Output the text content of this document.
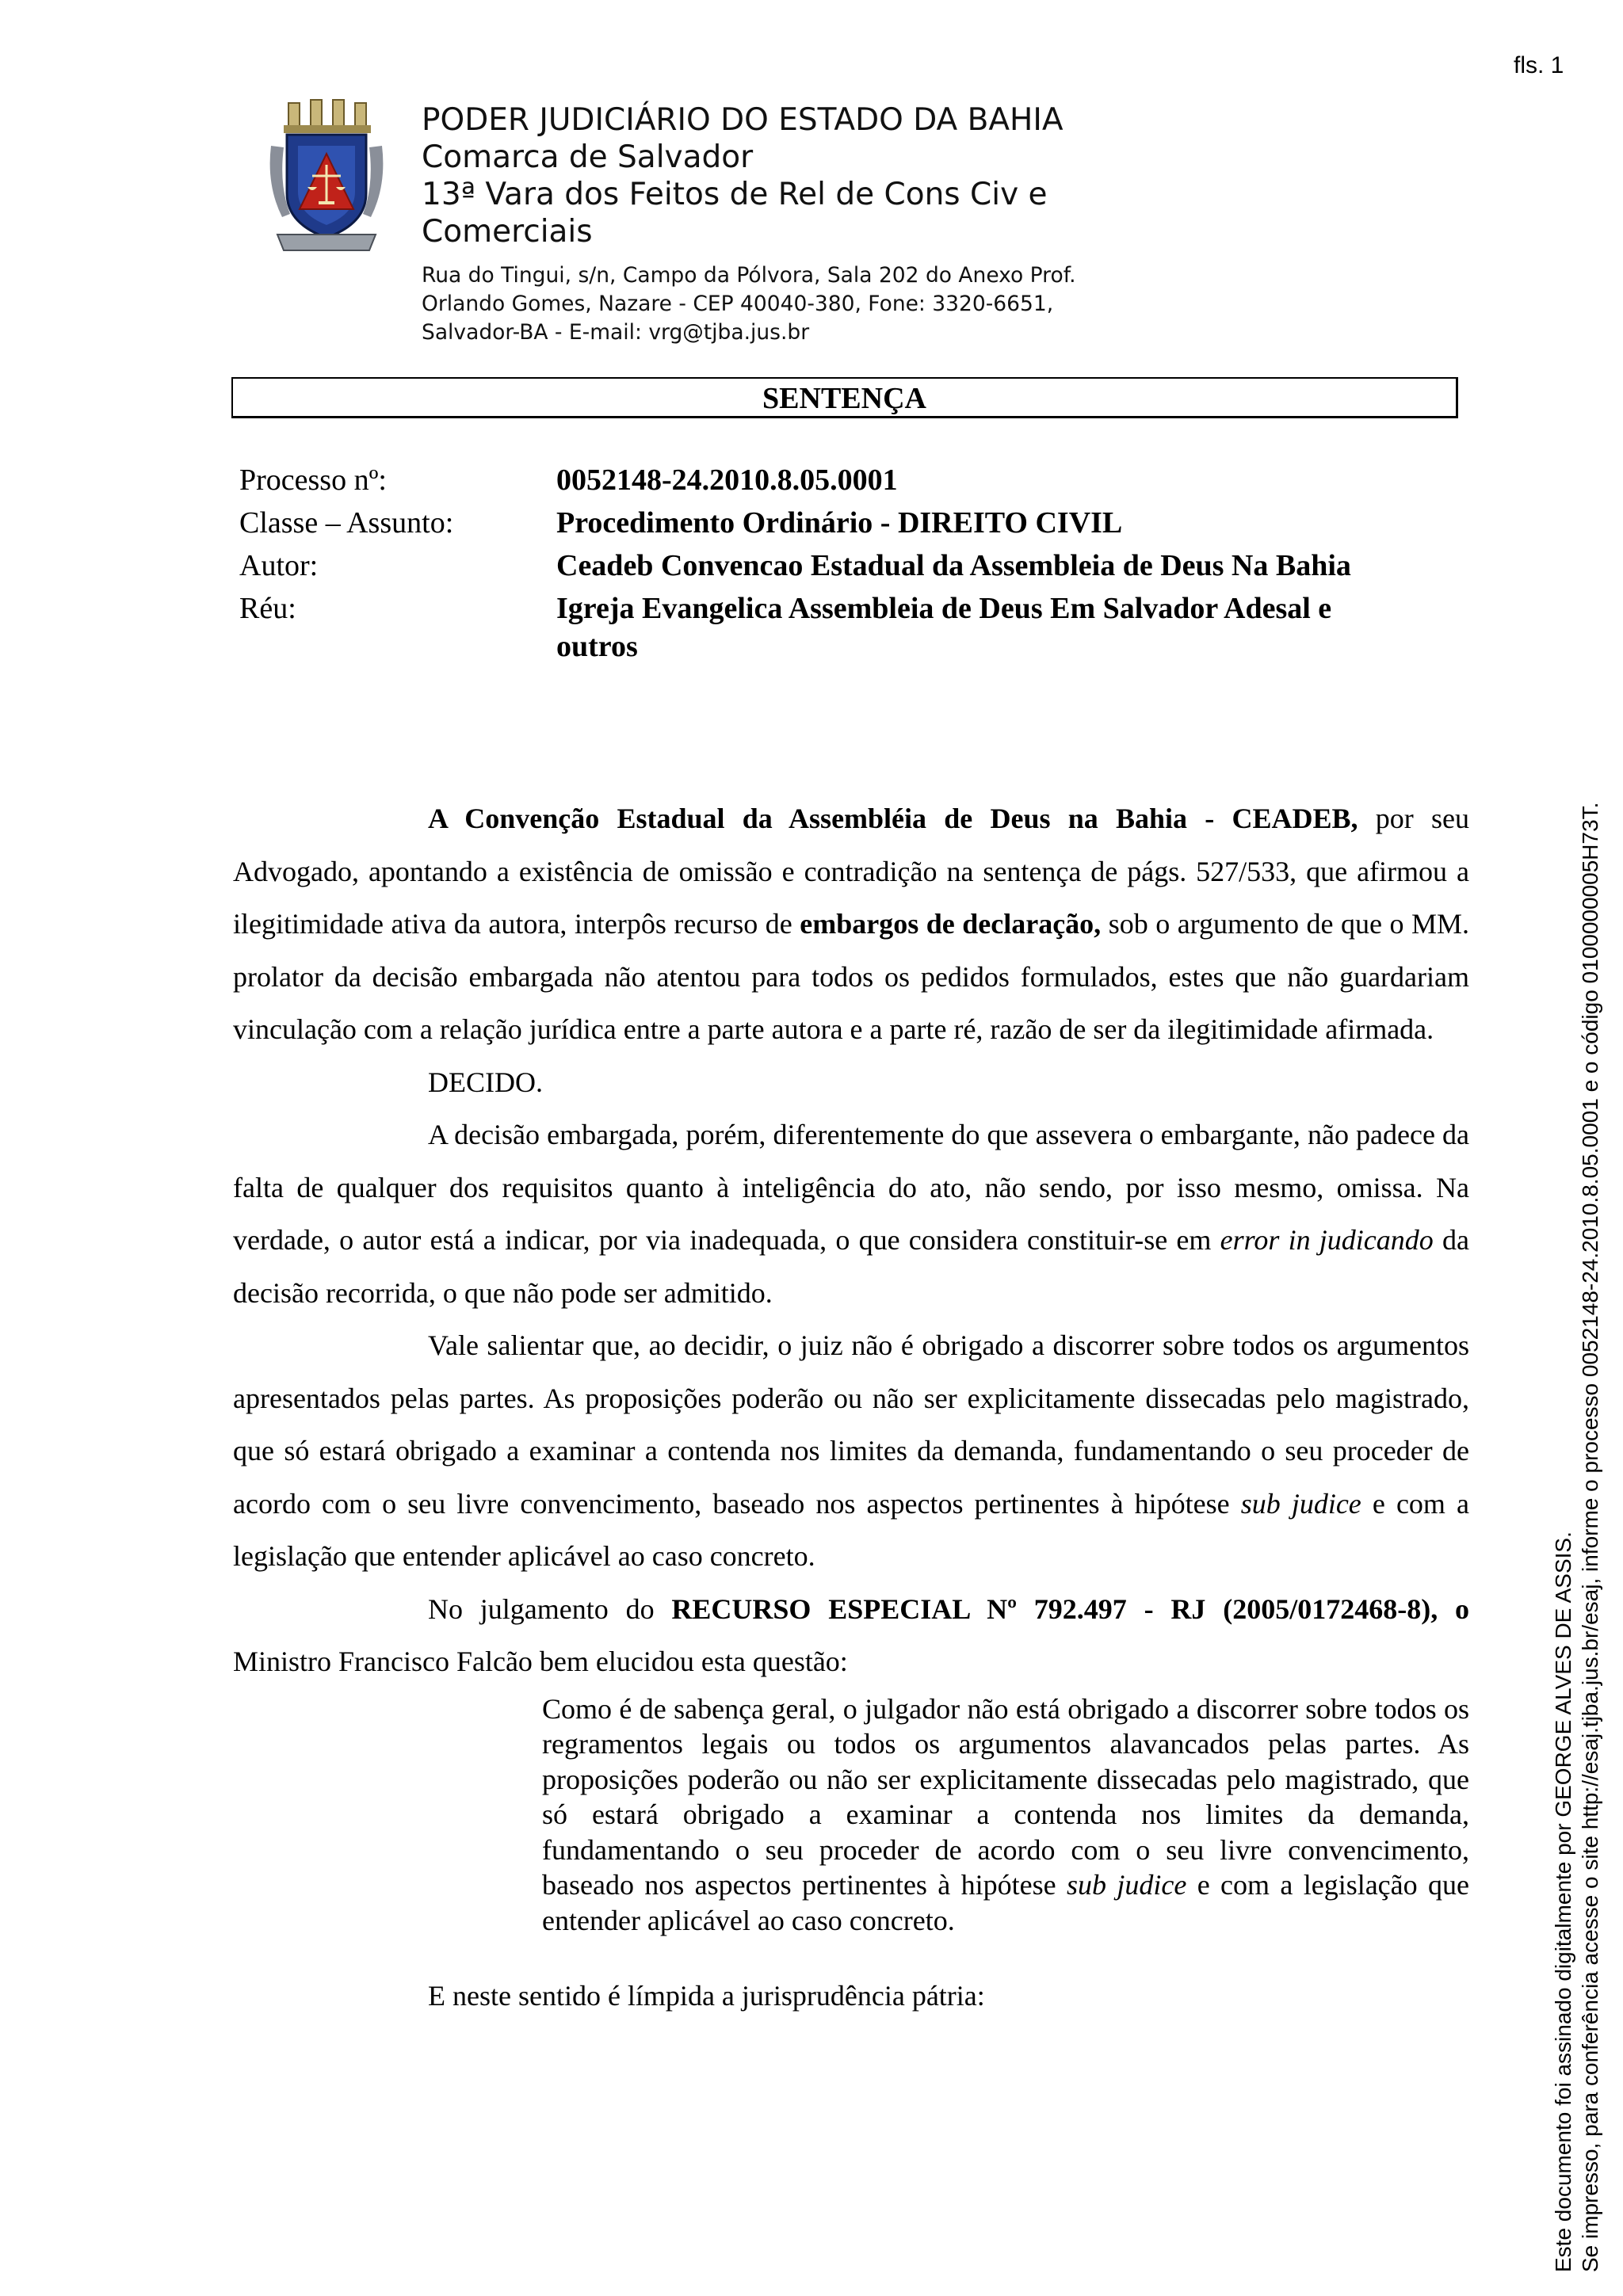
fls. 1
PODER JUDICIÁRIO DO ESTADO DA BAHIA
Comarca de Salvador
13ª Vara dos Feitos de Rel de Cons Civ e
Comerciais
Rua do Tingui, s/n, Campo da Pólvora, Sala 202 do Anexo Prof.
Orlando Gomes, Nazare - CEP 40040-380, Fone: 3320-6651,
Salvador-BA - E-mail: vrg@tjba.jus.br
SENTENÇA
Processo nº:	0052148-24.2010.8.05.0001
Classe – Assunto:	Procedimento Ordinário - DIREITO CIVIL
Autor:	Ceadeb Convencao Estadual da Assembleia de Deus Na Bahia
Réu:	Igreja Evangelica Assembleia de Deus Em Salvador Adesal e outros

A Convenção Estadual da Assembléia de Deus na Bahia - CEADEB, por seu Advogado, apontando a existência de omissão e contradição na sentença de págs. 527/533, que afirmou a ilegitimidade ativa da autora, interpôs recurso de embargos de declaração, sob o argumento de que o MM. prolator da decisão embargada não atentou para todos os pedidos formulados, estes que não guardariam vinculação com a relação jurídica entre a parte autora e a parte ré, razão de ser da ilegitimidade afirmada.

DECIDO.

A decisão embargada, porém, diferentemente do que assevera o embargante, não padece da falta de qualquer dos requisitos quanto à inteligência do ato, não sendo, por isso mesmo, omissa. Na verdade, o autor está a indicar, por via inadequada, o que considera constituir-se em error in judicando da decisão recorrida, o que não pode ser admitido.

Vale salientar que, ao decidir, o juiz não é obrigado a discorrer sobre todos os argumentos apresentados pelas partes. As proposições poderão ou não ser explicitamente dissecadas pelo magistrado, que só estará obrigado a examinar a contenda nos limites da demanda, fundamentando o seu proceder de acordo com o seu livre convencimento, baseado nos aspectos pertinentes à hipótese sub judice e com a legislação que entender aplicável ao caso concreto.

No julgamento do RECURSO ESPECIAL Nº 792.497 - RJ (2005/0172468-8), o Ministro Francisco Falcão bem elucidou esta questão:

Como é de sabença geral, o julgador não está obrigado a discorrer sobre todos os regramentos legais ou todos os argumentos alavancados pelas partes. As proposições poderão ou não ser explicitamente dissecadas pelo magistrado, que só estará obrigado a examinar a contenda nos limites da demanda, fundamentando o seu proceder de acordo com o seu livre convencimento, baseado nos aspectos pertinentes à hipótese sub judice e com a legislação que entender aplicável ao caso concreto.

E neste sentido é límpida a jurisprudência pátria:	Este documento foi assinado digitalmente por GEORGE ALVES DE ASSIS. Se impresso, para conferência acesse o site http://esaj.tjba.jus.br/esaj, informe o processo 0052148-24.2010.8.05.0001 e o código 0100000005H73T.
